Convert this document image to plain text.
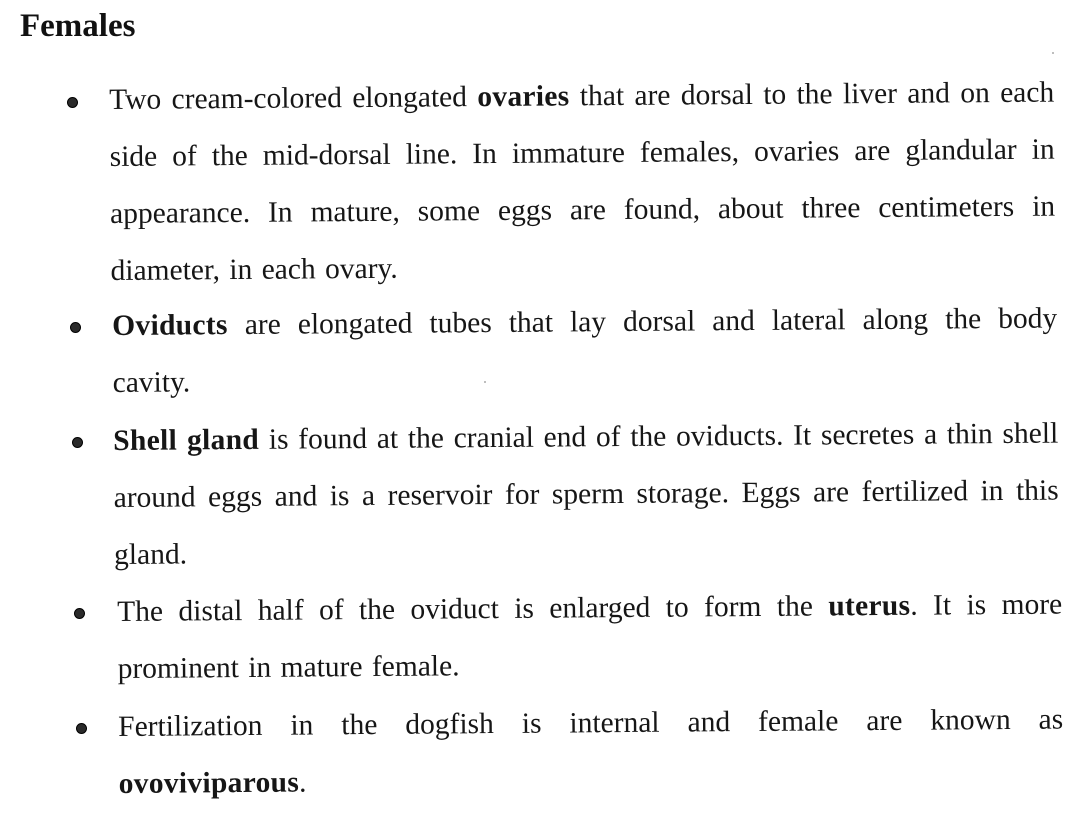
Females
Two cream-colored elongated ovaries that are dorsal to the liver and on each side of the mid-dorsal line. In immature females, ovaries are glandular in appearance. In mature, some eggs are found, about three centimeters in diameter, in each ovary.
Oviducts are elongated tubes that lay dorsal and lateral along the body cavity.
Shell gland is found at the cranial end of the oviducts. It secretes a thin shell around eggs and is a reservoir for sperm storage. Eggs are fertilized in this gland.
The distal half of the oviduct is enlarged to form the uterus. It is more prominent in mature female.
Fertilization in the dogfish is internal and female are known as ovoviviparous.
